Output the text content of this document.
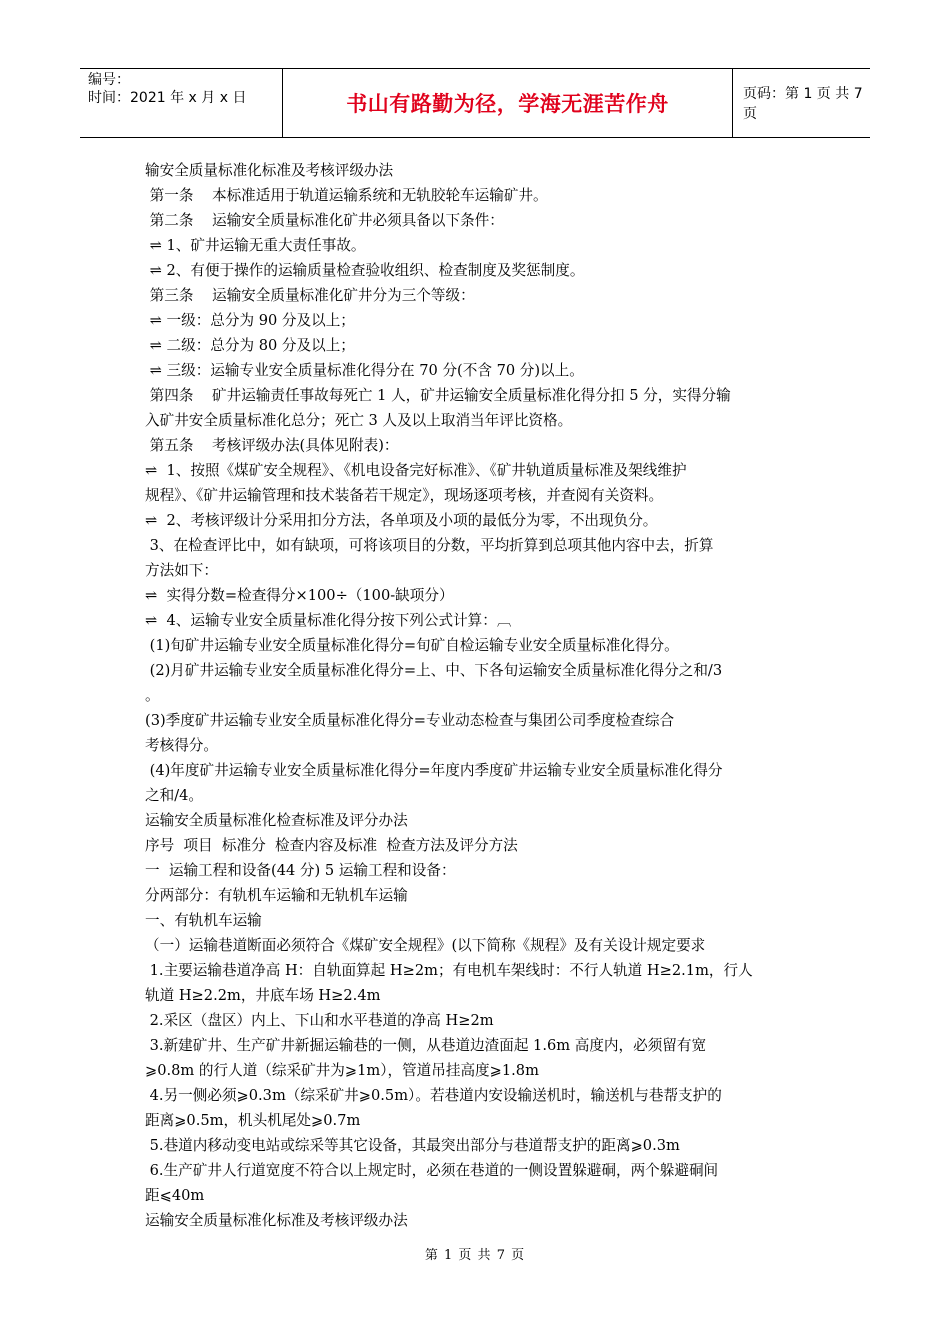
编号：
时间：2021 年 x 月 x 日	书山有路勤为径，学海无涯苦作舟	页码：第 1 页 共 7 页
输安全质量标准化标准及考核评级办法
第一条    本标准适用于轨道运输系统和无轨胶轮车运输矿井。
第二条    运输安全质量标准化矿井必须具备以下条件：
⇌ 1、矿井运输无重大责任事故。
⇌ 2、有便于操作的运输质量检查验收组织、检查制度及奖惩制度。
第三条    运输安全质量标准化矿井分为三个等级：
⇌ 一级：总分为 90 分及以上；
⇌ 二级：总分为 80 分及以上；
⇌ 三级：运输专业安全质量标准化得分在 70 分(不含 70 分)以上。
第四条    矿井运输责任事故每死亡 1 人，矿井运输安全质量标准化得分扣 5 分，实得分输
入矿井安全质量标准化总分；死亡 3 人及以上取消当年评比资格。
第五条    考核评级办法(具体见附表)：
⇌  1、按照《煤矿安全规程》、《机电设备完好标准》、《矿井轨道质量标准及架线维护
规程》、《矿井运输管理和技术装备若干规定》，现场逐项考核，并查阅有关资料。
⇌  2、考核评级计分采用扣分方法，各单项及小项的最低分为零，不出现负分。
3、在检查评比中，如有缺项，可将该项目的分数，平均折算到总项其他内容中去，折算
方法如下：
⇌  实得分数=检查得分×100÷（100-缺项分）
⇌  4、运输专业安全质量标准化得分按下列公式计算：︹
(1)旬矿井运输专业安全质量标准化得分=旬矿自检运输专业安全质量标准化得分。
(2)月矿井运输专业安全质量标准化得分=上、中、下各旬运输安全质量标准化得分之和/3
。
(3)季度矿井运输专业安全质量标准化得分=专业动态检查与集团公司季度检查综合
考核得分。
(4)年度矿井运输专业安全质量标准化得分=年度内季度矿井运输专业安全质量标准化得分
之和/4。
运输安全质量标准化检查标准及评分办法
序号  项目  标准分  检查内容及标准  检查方法及评分方法
一  运输工程和设备(44 分) 5 运输工程和设备：
分两部分：有轨机车运输和无轨机车运输
一、有轨机车运输
（一）运输巷道断面必须符合《煤矿安全规程》(以下简称《规程》及有关设计规定要求
1.主要运输巷道净高 H：自轨面算起 H≥2m；有电机车架线时：不行人轨道 H≥2.1m，行人
轨道 H≥2.2m，井底车场 H≥2.4m
2.采区（盘区）内上、下山和水平巷道的净高 H≥2m
3.新建矿井、生产矿井新掘运输巷的一侧，从巷道边渣面起 1.6m 高度内，必须留有宽
⩾0.8m 的行人道（综采矿井为⩾1m），管道吊挂高度⩾1.8m
4.另一侧必须⩾0.3m（综采矿井⩾0.5m）。若巷道内安设输送机时，输送机与巷帮支护的
距离⩾0.5m，机头机尾处⩾0.7m
5.巷道内移动变电站或综采等其它设备，其最突出部分与巷道帮支护的距离⩾0.3m
6.生产矿井人行道宽度不符合以上规定时，必须在巷道的一侧设置躲避硐，两个躲避硐间
距⩽40m
运输安全质量标准化标准及考核评级办法
第 1 页 共 7 页
